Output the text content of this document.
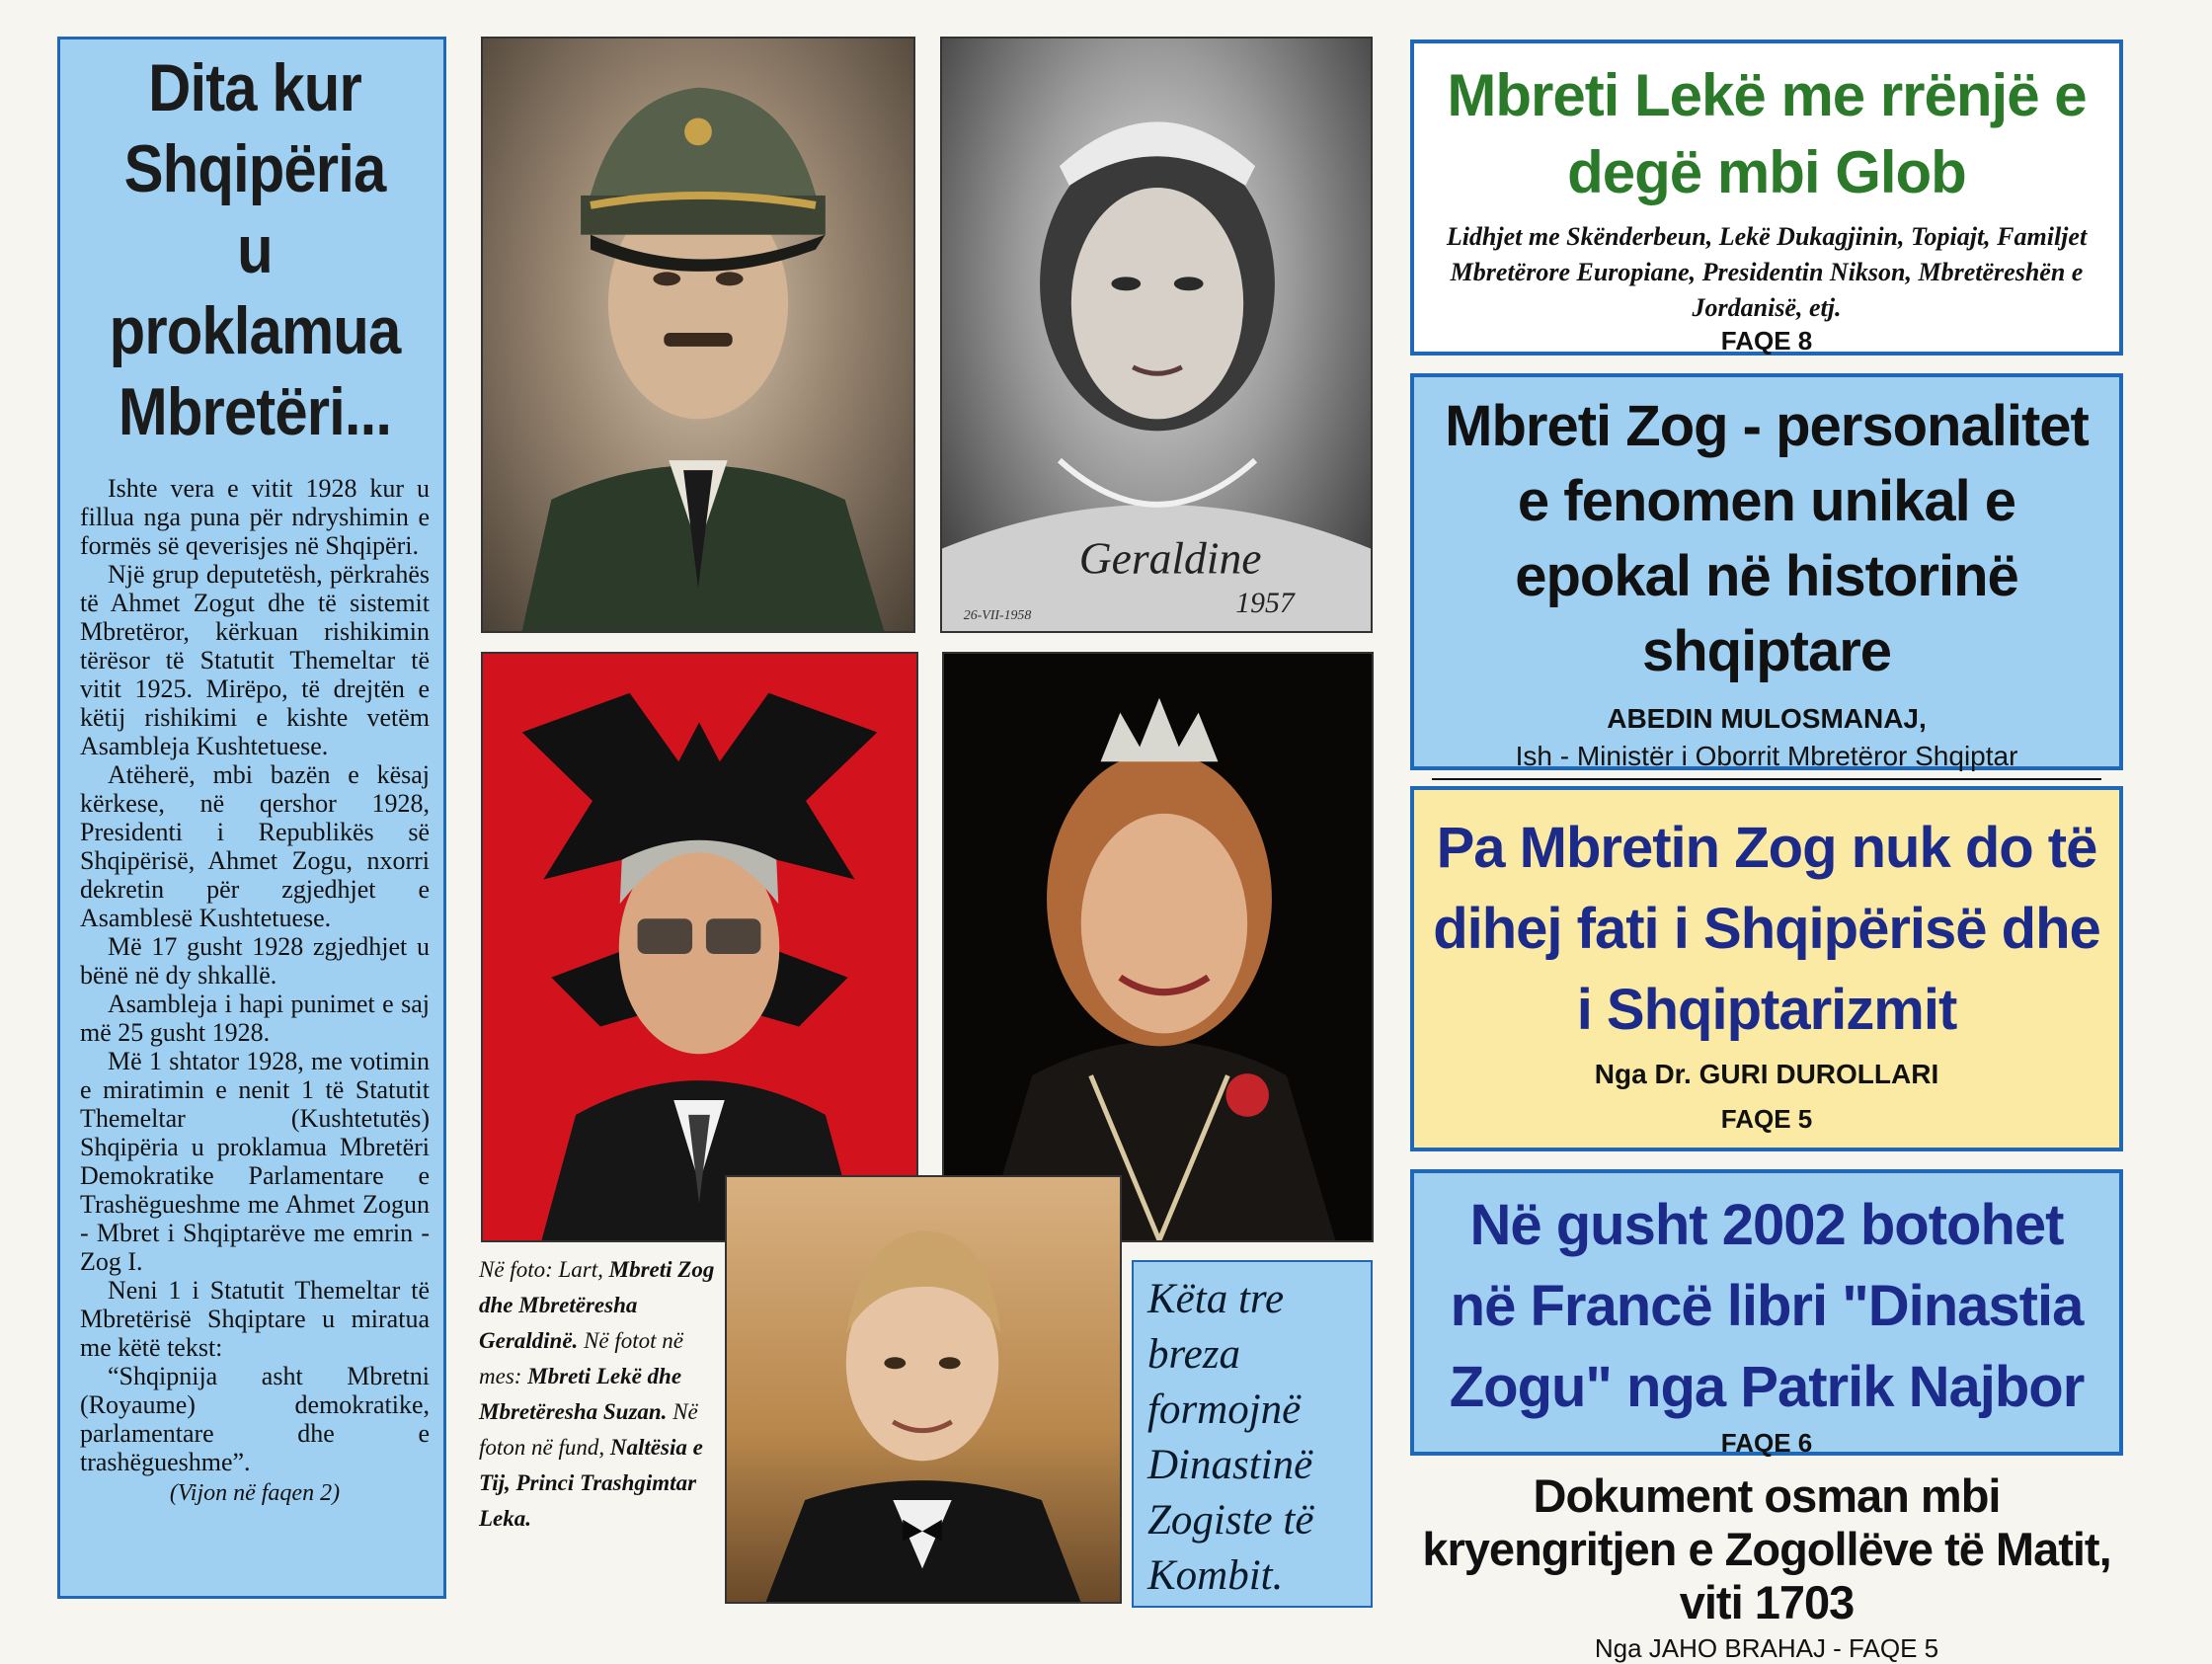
Dita kur Shqipëria u proklamua Mbretëri...

Ishte vera e vitit 1928 kur u fillua nga puna për ndryshimin e formës së qeverisjes në Shqipëri.

Një grup deputetësh, përkrahës të Ahmet Zogut dhe të sistemit Mbretëror, kërkuan rishikimin tërësor të Statutit Themeltar të vitit 1925. Mirëpo, të drejtën e këtij rishikimi e kishte vetëm Asambleja Kushtetuese.

Atëherë, mbi bazën e kësaj kërkese, në qershor 1928, Presidenti i Republikës së Shqipërisë, Ahmet Zogu, nxorri dekretin për zgjedhjet e Asamblesë Kushtetuese.

Më 17 gusht 1928 zgjedhjet u bënë në dy shkallë.

Asambleja i hapi punimet e saj më 25 gusht 1928.

Më 1 shtator 1928, me votimin e miratimin e nenit 1 të Statutit Themeltar (Kushtetutës) Shqipëria u proklamua Mbretëri Demokratike Parlamentare e Trashëgueshme me Ahmet Zogun - Mbret i Shqiptarëve me emrin - Zog I.

Neni 1 i Statutit Themeltar të Mbretërisë Shqiptare u miratua me këtë tekst:

“Shqipnija asht Mbretni (Royaume) demokratike, parlamentare dhe e trashëgueshme”.

(Vijon në faqen 2)
Geraldine
1957
26-VII-1958
Në foto: Lart, Mbreti Zog dhe Mbretëresha Geraldinë. Në fotot në mes: Mbreti Lekë dhe Mbretëresha Suzan. Në foton në fund, Naltësia e Tij, Princi Trashgimtar Leka.
Këta tre breza formojnë Dinastinë Zogiste të Kombit.
Mbreti Lekë me rrënjë e degë mbi Glob
Lidhjet me Skënderbeun, Lekë Dukagjinin, Topiajt, Familjet Mbretërore Europiane, Presidentin Nikson, Mbretëreshën e Jordanisë, etj.
FAQE 8
Mbreti Zog - personalitet e fenomen unikal e epokal në historinë shqiptare
ABEDIN MULOSMANAJ,
Ish - Ministër i Oborrit Mbretëror Shqiptar
Pa Mbretin Zog nuk do të dihej fati i Shqipërisë dhe i Shqiptarizmit
Nga Dr. GURI DUROLLARI
FAQE 5
Në gusht 2002 botohet në Francë libri "Dinastia Zogu" nga Patrik Najbor
FAQE 6
Dokument osman mbi kryengritjen e Zogollëve të Matit, viti 1703
Nga JAHO BRAHAJ - FAQE 5
